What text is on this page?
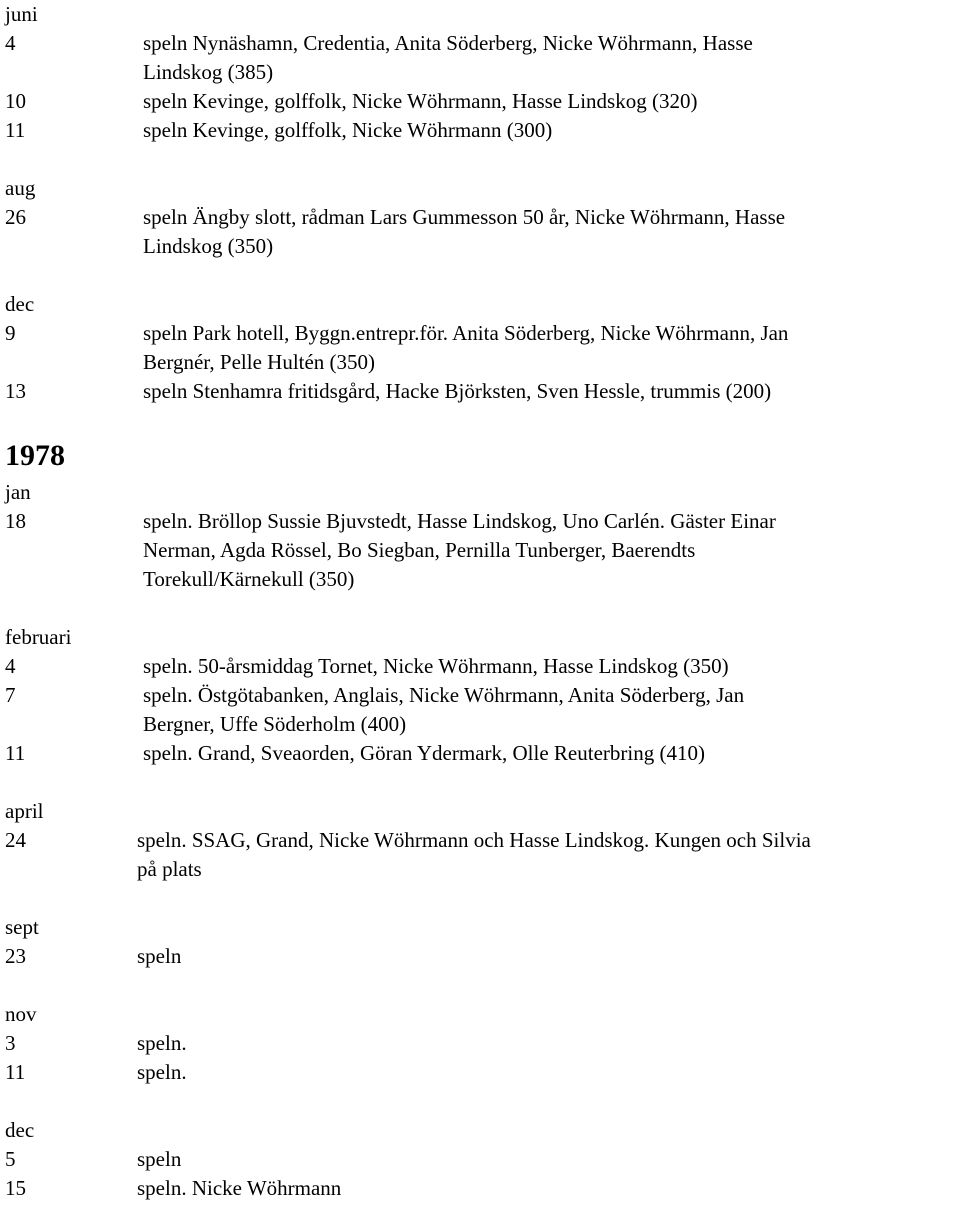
juni
4	speln Nynäshamn, Credentia, Anita Söderberg, Nicke Wöhrmann, Hasse
Lindskog (385)
10	speln Kevinge, golffolk, Nicke Wöhrmann, Hasse Lindskog (320)
11	speln Kevinge, golffolk, Nicke Wöhrmann (300)
aug
26	speln Ängby slott, rådman Lars Gummesson 50 år, Nicke Wöhrmann, Hasse
Lindskog (350)
dec
9	speln Park hotell, Byggn.entrepr.för. Anita Söderberg, Nicke Wöhrmann, Jan
Bergnér, Pelle Hultén (350)
13	speln Stenhamra fritidsgård, Hacke Björksten, Sven Hessle, trummis (200)
1978
jan
18	speln. Bröllop Sussie Bjuvstedt, Hasse Lindskog, Uno Carlén. Gäster Einar
Nerman, Agda Rössel, Bo Siegban, Pernilla Tunberger, Baerendts
Torekull/Kärnekull (350)
februari
4	speln. 50-årsmiddag Tornet, Nicke Wöhrmann, Hasse Lindskog (350)
7	speln. Östgötabanken, Anglais, Nicke Wöhrmann, Anita Söderberg, Jan
Bergner, Uffe Söderholm (400)
11	speln. Grand, Sveaorden, Göran Ydermark, Olle Reuterbring (410)
april
24	speln. SSAG, Grand, Nicke Wöhrmann och Hasse Lindskog. Kungen och Silvia
på plats
sept
23	speln
nov
3	speln.
11	speln.
dec
5	speln
15	speln. Nicke Wöhrmann
